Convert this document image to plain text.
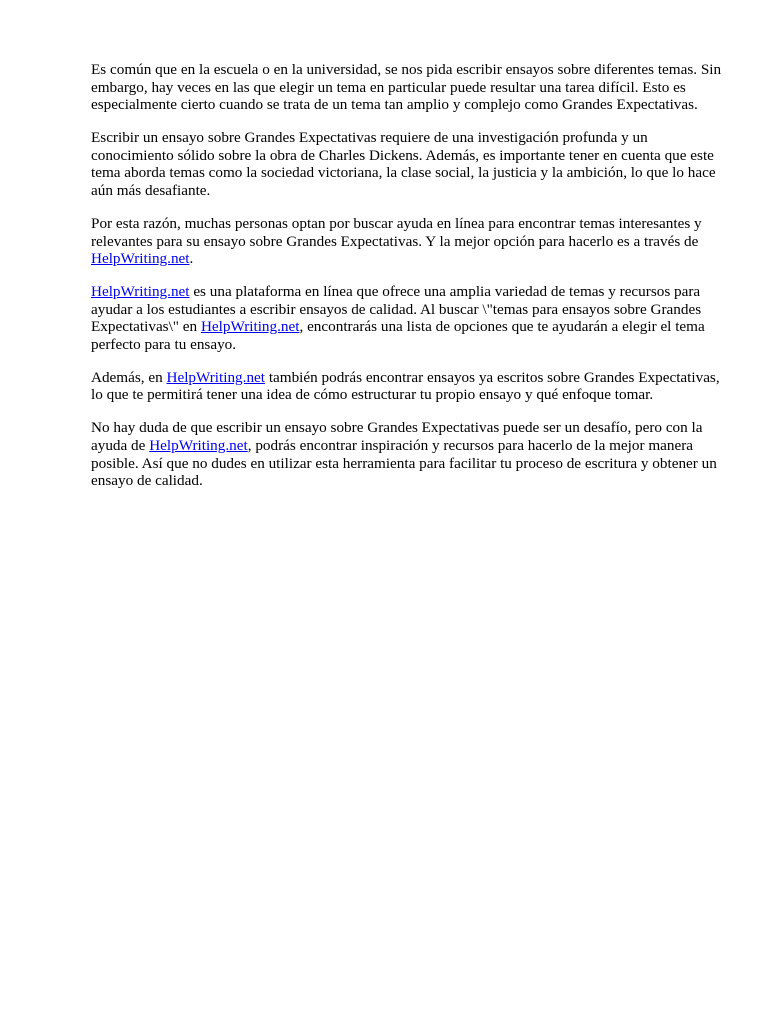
Es común que en la escuela o en la universidad, se nos pida escribir ensayos sobre diferentes temas. Sin embargo, hay veces en las que elegir un tema en particular puede resultar una tarea difícil. Esto es especialmente cierto cuando se trata de un tema tan amplio y complejo como Grandes Expectativas.

Escribir un ensayo sobre Grandes Expectativas requiere de una investigación profunda y un conocimiento sólido sobre la obra de Charles Dickens. Además, es importante tener en cuenta que este tema aborda temas como la sociedad victoriana, la clase social, la justicia y la ambición, lo que lo hace aún más desafiante.

Por esta razón, muchas personas optan por buscar ayuda en línea para encontrar temas interesantes y relevantes para su ensayo sobre Grandes Expectativas. Y la mejor opción para hacerlo es a través de HelpWriting.net.

HelpWriting.net es una plataforma en línea que ofrece una amplia variedad de temas y recursos para ayudar a los estudiantes a escribir ensayos de calidad. Al buscar \"temas para ensayos sobre Grandes Expectativas\" en HelpWriting.net, encontrarás una lista de opciones que te ayudarán a elegir el tema perfecto para tu ensayo.

Además, en HelpWriting.net también podrás encontrar ensayos ya escritos sobre Grandes Expectativas, lo que te permitirá tener una idea de cómo estructurar tu propio ensayo y qué enfoque tomar.

No hay duda de que escribir un ensayo sobre Grandes Expectativas puede ser un desafío, pero con la ayuda de HelpWriting.net, podrás encontrar inspiración y recursos para hacerlo de la mejor manera posible. Así que no dudes en utilizar esta herramienta para facilitar tu proceso de escritura y obtener un ensayo de calidad.
